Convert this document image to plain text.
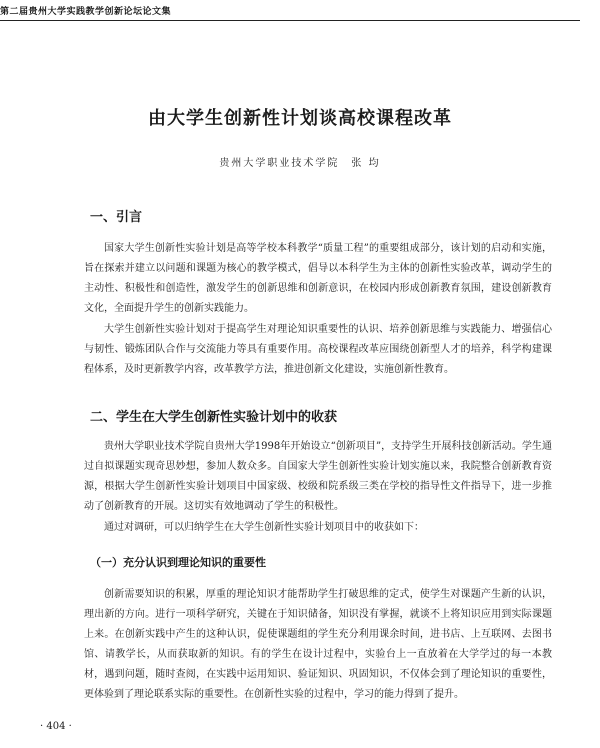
第二届贵州大学实践教学创新论坛论文集
由大学生创新性计划谈高校课程改革
贵州大学职业技术学院　张 均
一、引言

国家大学生创新性实验计划是高等学校本科教学“质量工程”的重要组成部分，该计划的启动和实施，旨在探索并建立以问题和课题为核心的教学模式，倡导以本科学生为主体的创新性实验改革，调动学生的主动性、积极性和创造性，激发学生的创新思维和创新意识，在校园内形成创新教育氛围，建设创新教育文化，全面提升学生的创新实践能力。

大学生创新性实验计划对于提高学生对理论知识重要性的认识、培养创新思维与实践能力、增强信心与韧性、锻炼团队合作与交流能力等具有重要作用。高校课程改革应围绕创新型人才的培养，科学构建课程体系，及时更新教学内容，改革教学方法，推进创新文化建设，实施创新性教育。

二、学生在大学生创新性实验计划中的收获

贵州大学职业技术学院自贵州大学1998年开始设立“创新项目”，支持学生开展科技创新活动。学生通过自拟课题实现奇思妙想，参加人数众多。自国家大学生创新性实验计划实施以来，我院整合创新教育资源，根据大学生创新性实验计划项目中国家级、校级和院系级三类在学校的指导性文件指导下，进一步推动了创新教育的开展。这切实有效地调动了学生的积极性。

通过对调研，可以归纳学生在大学生创新性实验计划项目中的收获如下：

（一）充分认识到理论知识的重要性

创新需要知识的积累，厚重的理论知识才能帮助学生打破思维的定式，使学生对课题产生新的认识，理出新的方向。进行一项科学研究，关键在于知识储备，知识没有掌握，就谈不上将知识应用到实际课题上来。在创新实践中产生的这种认识，促使课题组的学生充分利用课余时间，进书店、上互联网、去图书馆、请教学长，从而获取新的知识。有的学生在设计过程中，实验台上一直放着在大学学过的每一本教材，遇到问题，随时查阅，在实践中运用知识、验证知识、巩固知识，不仅体会到了理论知识的重要性，更体验到了理论联系实际的重要性。在创新性实验的过程中，学习的能力得到了提升。

· 404 ·
